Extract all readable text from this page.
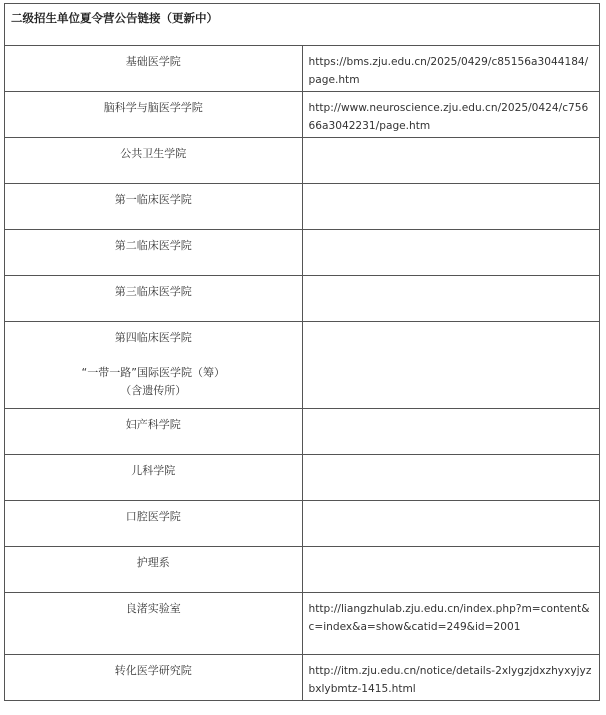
二级招生单位夏令营公告链接（更新中）	
基础医学院	https://bms.zju.edu.cn/2025/0429/c85156a3044184/page.htm
脑科学与脑医学学院	http://www.neuroscience.zju.edu.cn/2025/0424/c75666a3042231/page.htm
公共卫生学院	
第一临床医学院	
第二临床医学院	
第三临床医学院	

第四临床医学院

“一带一路”国际医学院（筹）

（含遗传所）	

妇产科学院	
儿科学院	
口腔医学院	
护理系	
良渚实验室	http://liangzhulab.zju.edu.cn/index.php?m=content&c=index&a=show&catid=249&id=2001
转化医学研究院	http://itm.zju.edu.cn/notice/details-2xlygzjdxzhyxyjyzbxlybmtz-1415.html
